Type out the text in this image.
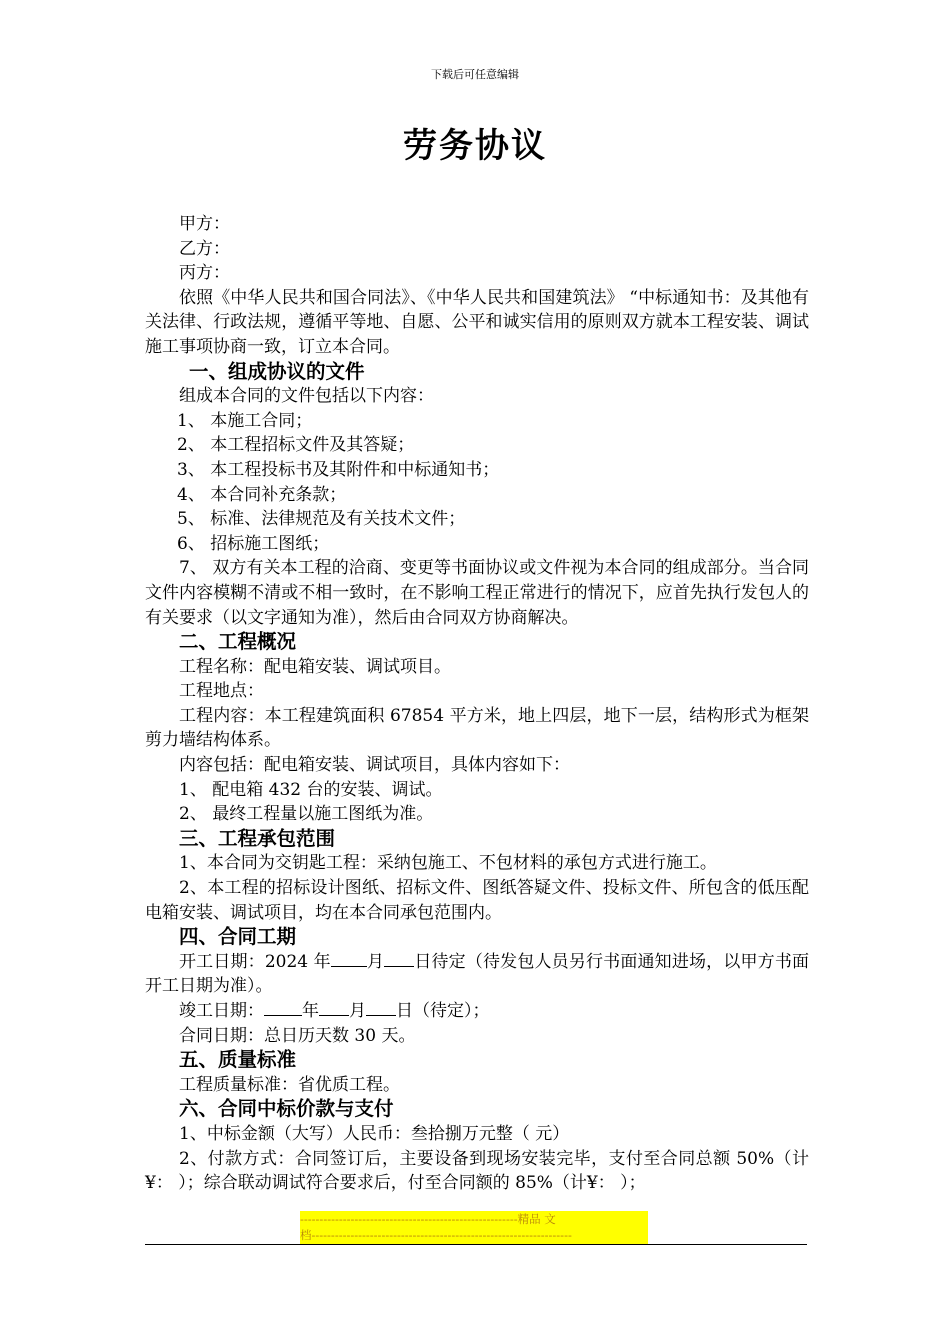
下载后可任意编辑
劳务协议

甲方：

乙方：

丙方：

依照《中华人民共和国合同法》、《中华人民共和国建筑法》 “中标通知书：及其他有关法律、行政法规，遵循平等地、自愿、公平和诚实信用的原则双方就本工程安装、调试施工事项协商一致，订立本合同。

一、组成协议的文件

组成本合同的文件包括以下内容：

1、 本施工合同；

2、 本工程招标文件及其答疑；

3、 本工程投标书及其附件和中标通知书；

4、 本合同补充条款；

5、 标准、法律规范及有关技术文件；

6、 招标施工图纸；

7、 双方有关本工程的洽商、变更等书面协议或文件视为本合同的组成部分。当合同文件内容模糊不清或不相一致时，在不影响工程正常进行的情况下，应首先执行发包人的有关要求（以文字通知为准），然后由合同双方协商解决。

二、工程概况

工程名称：配电箱安装、调试项目。

工程地点：

工程内容：本工程建筑面积 67854 平方米，地上四层，地下一层，结构形式为框架剪力墙结构体系。

内容包括：配电箱安装、调试项目，具体内容如下：

1、 配电箱 432 台的安装、调试。

2、 最终工程量以施工图纸为准。

三、工程承包范围

1、本合同为交钥匙工程：采纳包施工、不包材料的承包方式进行施工。

2、本工程的招标设计图纸、招标文件、图纸答疑文件、投标文件、所包含的低压配电箱安装、调试项目，均在本合同承包范围内。

四、合同工期

开工日期：2024 年 月 日待定（待发包人员另行书面通知进场，以甲方书面开工日期为准）。

竣工日期： 年 月 日（待定）；

合同日期：总日历天数 30 天。

五、质量标准

工程质量标准：省优质工程。

六、合同中标价款与支付

1、中标金额（大写）人民币：叁拾捌万元整（ 元）

2、付款方式：合同签订后，主要设备到现场安装完毕，支付至合同总额 50%（计¥： ）；综合联动调试符合要求后，付至合同额的 85%（计¥： ）；

--------------------------------------------------------精品 文
档-------------------------------------------------------------------
